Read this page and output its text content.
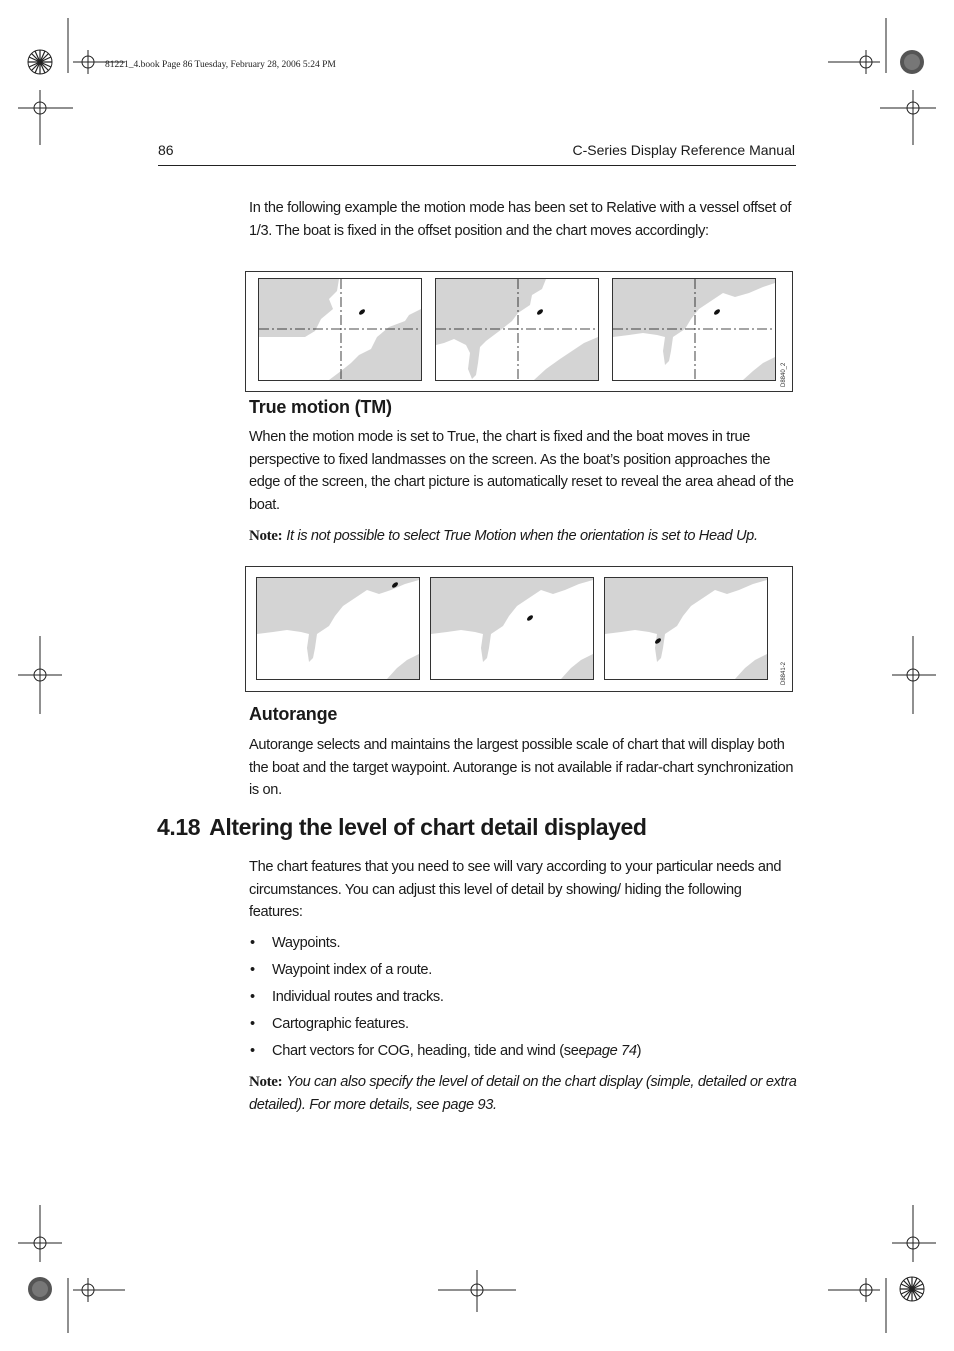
81221_4.book Page 86 Tuesday, February 28, 2006 5:24 PM
86	C-Series Display Reference Manual
In the following example the motion mode has been set to Relative with a vessel offset of 1/3. The boat is fixed in the offset position and the chart moves accordingly:
D8840_2
True motion (TM)
When the motion mode is set to True, the chart is fixed and the boat moves in true perspective to fixed landmasses on the screen. As the boat’s position approaches the edge of the screen, the chart picture is automatically reset to reveal the area ahead of the boat.
Note: It is not possible to select True Motion when the orientation is set to Head Up.
D8841-2
Autorange
Autorange selects and maintains the largest possible scale of chart that will display both the boat and the target waypoint. Autorange is not available if radar-chart synchronization is on.
4.18 Altering the level of chart detail displayed
The chart features that you need to see will vary according to your particular needs and circumstances. You can adjust this level of detail by showing/ hiding the following features:
• Waypoints.
• Waypoint index of a route.
• Individual routes and tracks.
• Cartographic features.
• Chart vectors for COG, heading, tide and wind (seepage 74)
Note: You can also specify the level of detail on the chart display (simple, detailed or extra detailed). For more details, see page 93.
